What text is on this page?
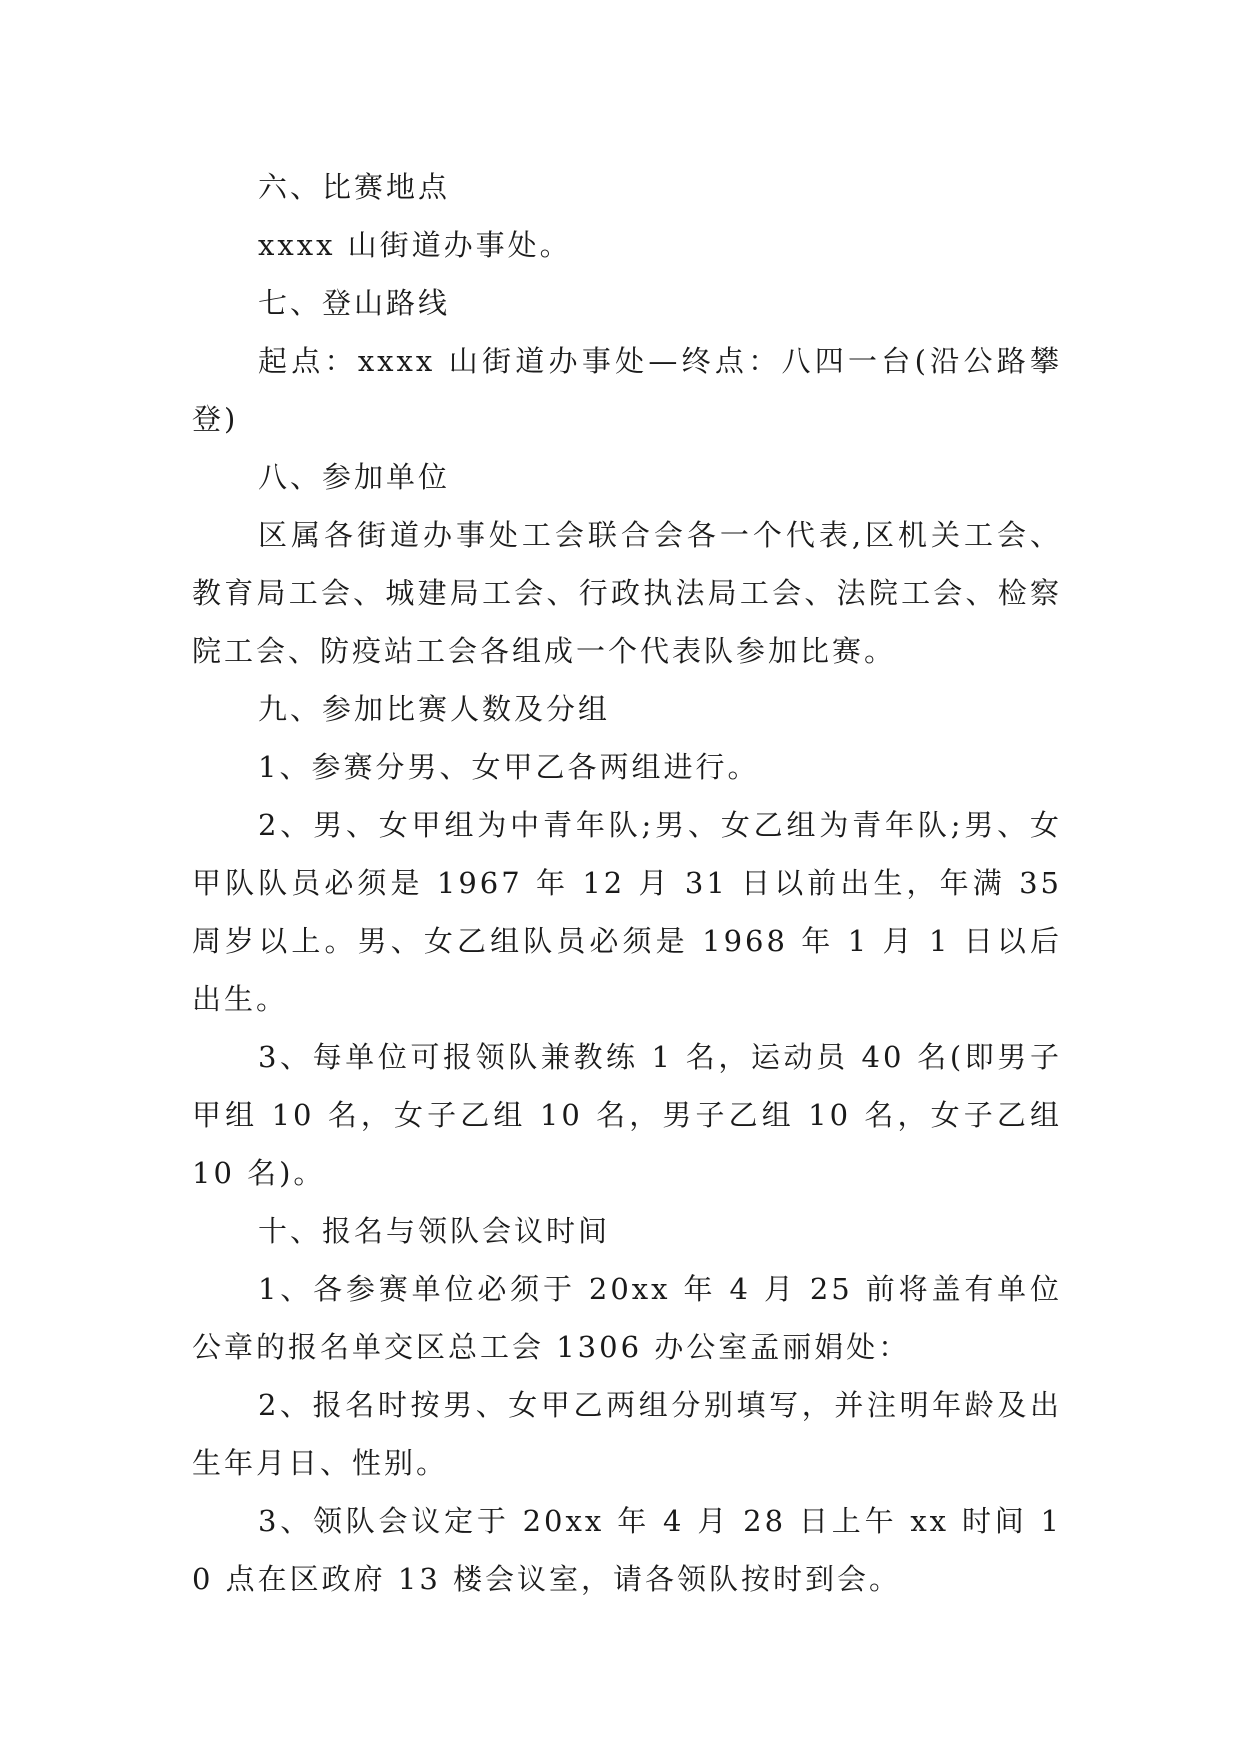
六、比赛地点

xxxx 山街道办事处。

七、登山路线

起点：xxxx 山街道办事处—终点：八四一台(沿公路攀登)

八、参加单位

区属各街道办事处工会联合会各一个代表,区机关工会、教育局工会、城建局工会、行政执法局工会、法院工会、检察院工会、防疫站工会各组成一个代表队参加比赛。

九、参加比赛人数及分组

1、参赛分男、女甲乙各两组进行。

2、男、女甲组为中青年队;男、女乙组为青年队;男、女甲队队员必须是 1967 年 12 月 31 日以前出生，年满 35 周岁以上。男、女乙组队员必须是 1968 年 1 月 1 日以后出生。

3、每单位可报领队兼教练 1 名，运动员 40 名(即男子甲组 10 名，女子乙组 10 名，男子乙组 10 名，女子乙组 10 名)。

十、报名与领队会议时间

1、各参赛单位必须于 20xx 年 4 月 25 前将盖有单位公章的报名单交区总工会 1306 办公室孟丽娟处：

2、报名时按男、女甲乙两组分别填写，并注明年龄及出生年月日、性别。

3、领队会议定于 20xx 年 4 月 28 日上午 xx 时间 10 点在区政府 13 楼会议室，请各领队按时到会。
